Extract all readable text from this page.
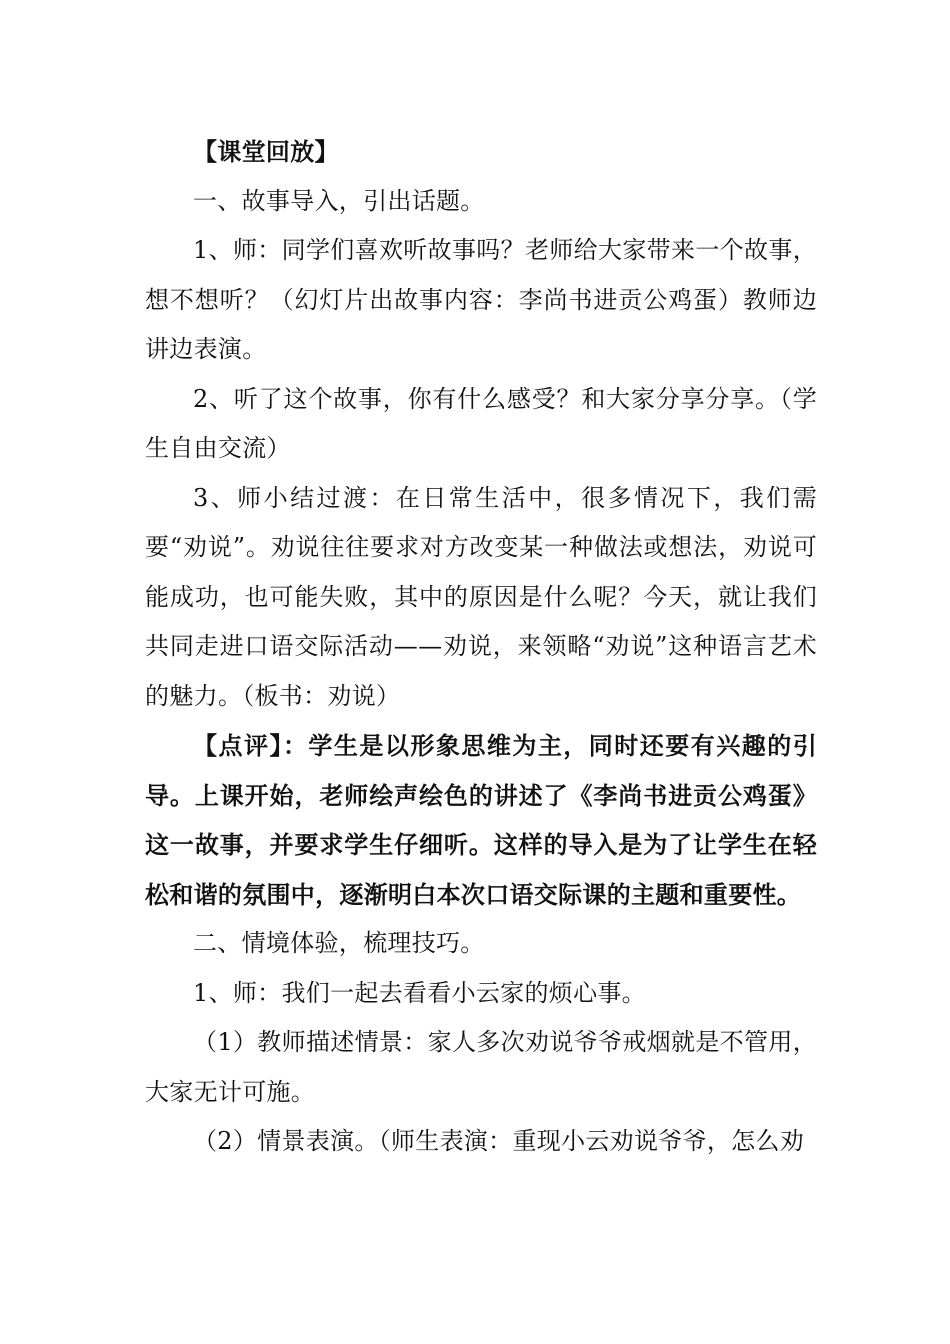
【课堂回放】

一、故事导入，引出话题。

1、师：同学们喜欢听故事吗？老师给大家带来一个故事，想不想听？（幻灯片出故事内容：李尚书进贡公鸡蛋）教师边讲边表演。

2、听了这个故事，你有什么感受？和大家分享分享。（学生自由交流）

3、师小结过渡：在日常生活中，很多情况下，我们需要“劝说”。劝说往往要求对方改变某一种做法或想法，劝说可能成功，也可能失败，其中的原因是什么呢？今天，就让我们共同走进口语交际活动——劝说，来领略“劝说”这种语言艺术的魅力。（板书：劝说）

【点评】：学生是以形象思维为主，同时还要有兴趣的引导。上课开始，老师绘声绘色的讲述了《李尚书进贡公鸡蛋》这一故事，并要求学生仔细听。这样的导入是为了让学生在轻松和谐的氛围中，逐渐明白本次口语交际课的主题和重要性。

二、情境体验，梳理技巧。

1、师：我们一起去看看小云家的烦心事。

（1）教师描述情景：家人多次劝说爷爷戒烟就是不管用，大家无计可施。

（2）情景表演。（师生表演：重现小云劝说爷爷，怎么劝
